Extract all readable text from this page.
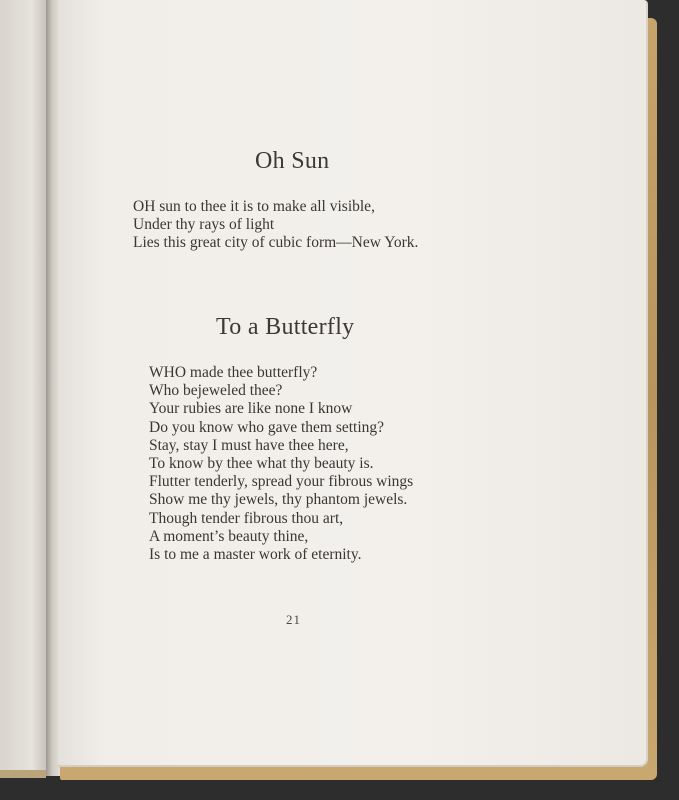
Oh Sun
OH sun to thee it is to make all visible,
Under thy rays of light
Lies this great city of cubic form—New York.
To a Butterfly
WHO made thee butterfly?
Who bejeweled thee?
Your rubies are like none I know
Do you know who gave them setting?
Stay, stay I must have thee here,
To know by thee what thy beauty is.
Flutter tenderly, spread your fibrous wings
Show me thy jewels, thy phantom jewels.
Though tender fibrous thou art,
A moment’s beauty thine,
Is to me a master work of eternity.
21
